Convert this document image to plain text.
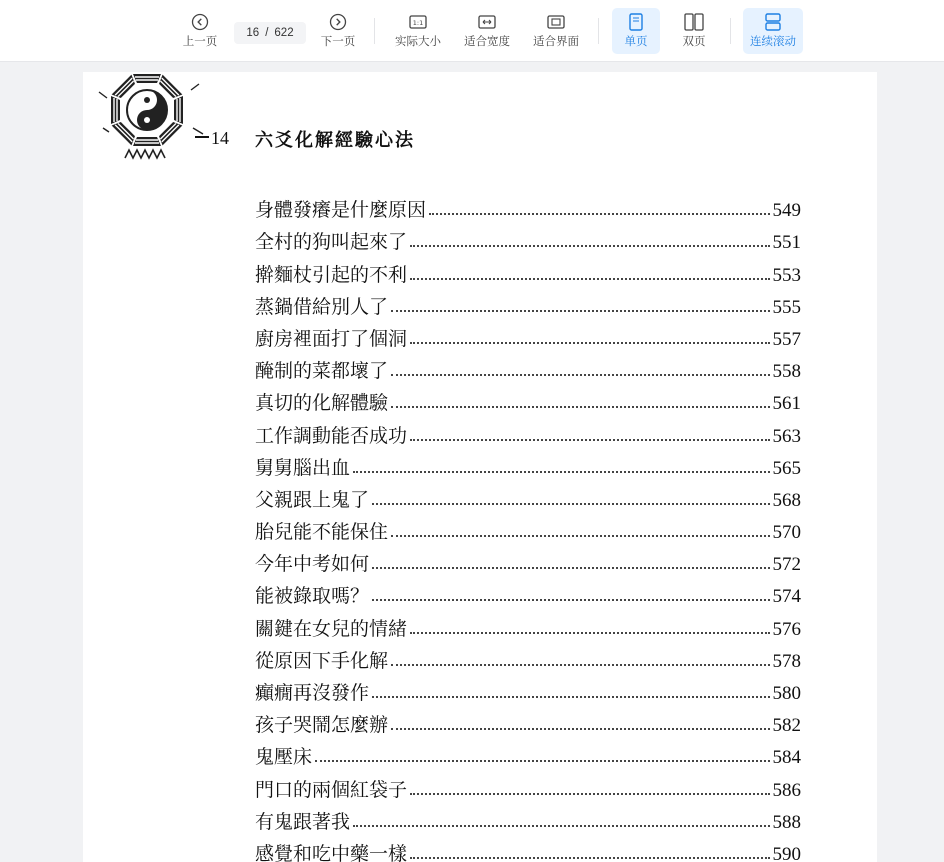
上一页
16 / 622
下一页
1:1
实际大小 适合宽度 适合界面	单页	双页	连续滚动
14 六爻化解經驗心法
身體發癢是什麼原因	549
全村的狗叫起來了	551
擀麵杖引起的不利	553
蒸鍋借給別人了	555
廚房裡面打了個洞	557
醃制的菜都壞了	558
真切的化解體驗	561
工作調動能否成功	563
舅舅腦出血	565
父親跟上鬼了	568
胎兒能不能保住	570
今年中考如何	572
能被錄取嗎？	574
關鍵在女兒的情緒	576
從原因下手化解	578
癲癇再沒發作	580
孩子哭鬧怎麼辦	582
鬼壓床	584
門口的兩個紅袋子	586
有鬼跟著我	588
感覺和吃中藥一樣	590
